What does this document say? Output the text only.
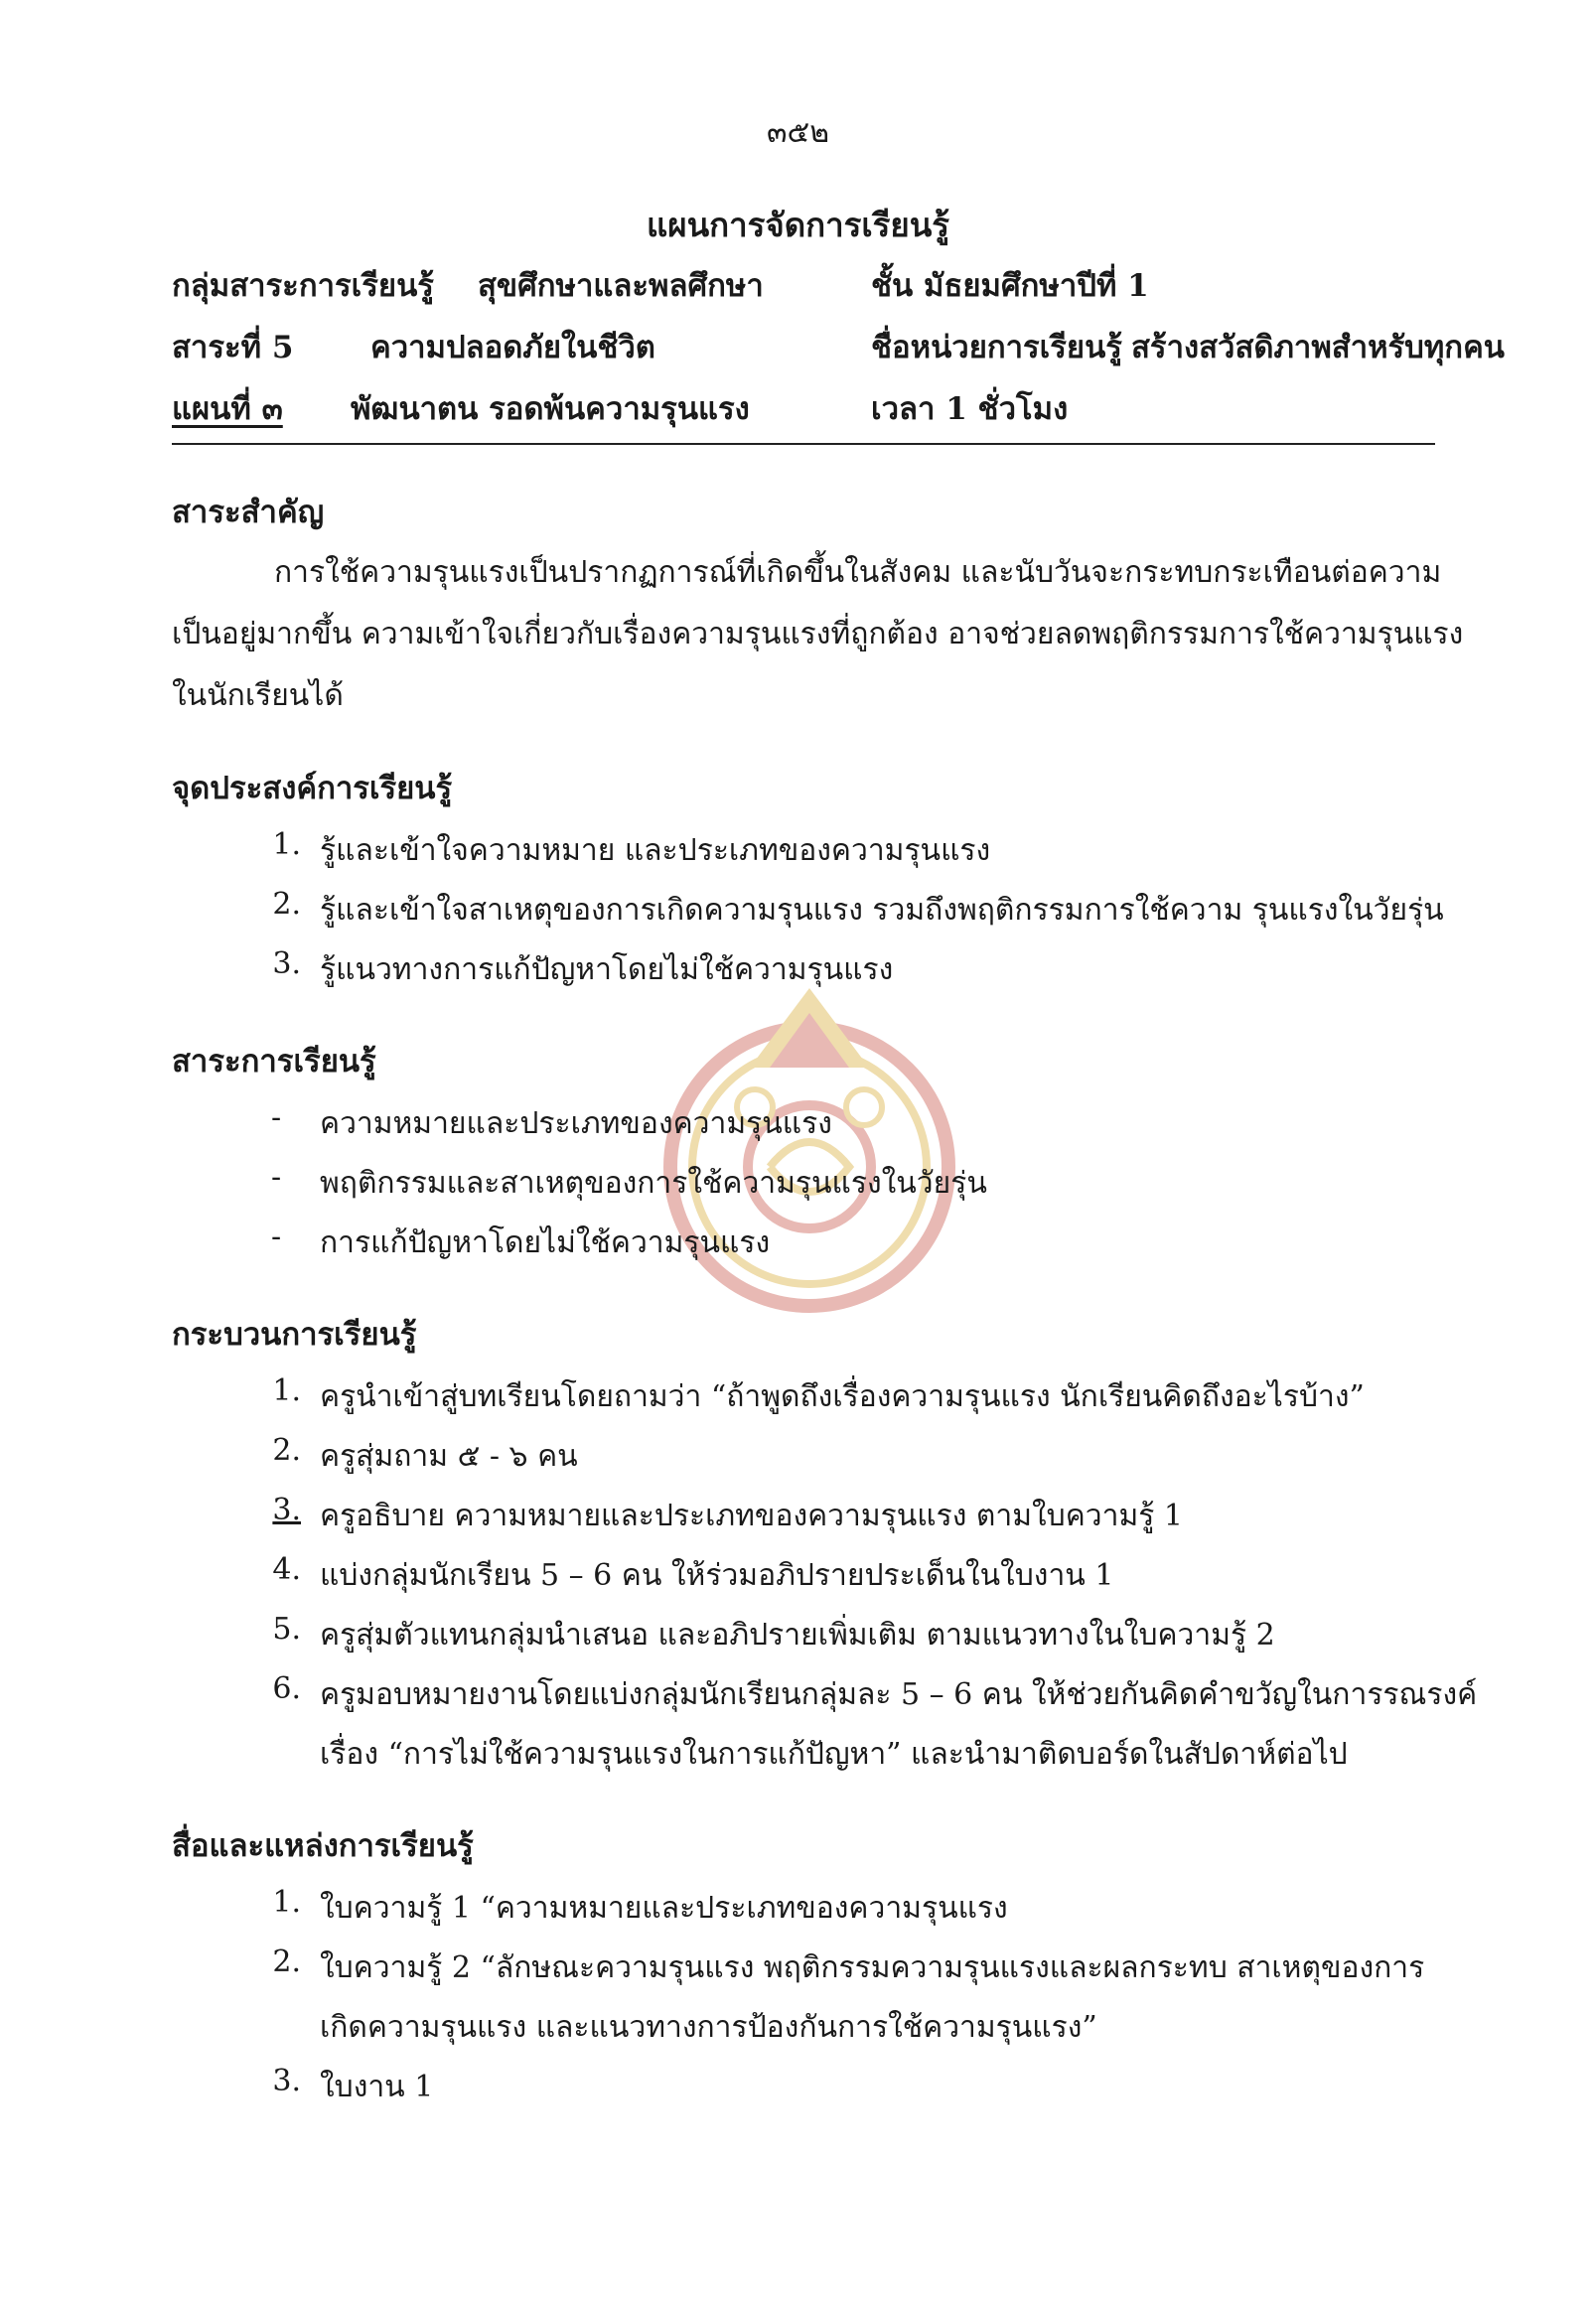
๓๕๒
แผนการจัดการเรียนรู้
กลุ่มสาระการเรียนรู้ สุขศึกษาและพลศึกษา	ชั้น มัธยมศึกษาปีที่ 1
สาระที่ 5	ความปลอดภัยในชีวิต	ชื่อหน่วยการเรียนรู้ สร้างสวัสดิภาพสำหรับทุกคน
แผนที่ ๓ พัฒนาตน รอดพ้นความรุนแรง	เวลา 1 ชั่วโมง
สาระสำคัญ
การใช้ความรุนแรงเป็นปรากฏการณ์ที่เกิดขึ้นในสังคม และนับวันจะกระทบกระเทือนต่อความ
เป็นอยู่มากขึ้น ความเข้าใจเกี่ยวกับเรื่องความรุนแรงที่ถูกต้อง อาจช่วยลดพฤติกรรมการใช้ความรุนแรง
ในนักเรียนได้
จุดประสงค์การเรียนรู้
1. รู้และเข้าใจความหมาย และประเภทของความรุนแรง
2. รู้และเข้าใจสาเหตุของการเกิดความรุนแรง รวมถึงพฤติกรรมการใช้ความ รุนแรงในวัยรุ่น
3. รู้แนวทางการแก้ปัญหาโดยไม่ใช้ความรุนแรง
สาระการเรียนรู้
- ความหมายและประเภทของความรุนแรง
- พฤติกรรมและสาเหตุของการใช้ความรุนแรงในวัยรุ่น
- การแก้ปัญหาโดยไม่ใช้ความรุนแรง
กระบวนการเรียนรู้
1. ครูนำเข้าสู่บทเรียนโดยถามว่า “ถ้าพูดถึงเรื่องความรุนแรง นักเรียนคิดถึงอะไรบ้าง”
2. ครูสุ่มถาม ๕ - ๖ คน
3. ครูอธิบาย ความหมายและประเภทของความรุนแรง ตามใบความรู้ 1
4. แบ่งกลุ่มนักเรียน 5 – 6 คน ให้ร่วมอภิปรายประเด็นในใบงาน 1
5. ครูสุ่มตัวแทนกลุ่มนำเสนอ และอภิปรายเพิ่มเติม ตามแนวทางในใบความรู้ 2
6. ครูมอบหมายงานโดยแบ่งกลุ่มนักเรียนกลุ่มละ 5 – 6 คน ให้ช่วยกันคิดคำขวัญในการรณรงค์
เรื่อง “การไม่ใช้ความรุนแรงในการแก้ปัญหา” และนำมาติดบอร์ดในสัปดาห์ต่อไป
สื่อและแหล่งการเรียนรู้
1. ใบความรู้ 1 “ความหมายและประเภทของความรุนแรง
2. ใบความรู้ 2 “ลักษณะความรุนแรง พฤติกรรมความรุนแรงและผลกระทบ สาเหตุของการ
เกิดความรุนแรง และแนวทางการป้องกันการใช้ความรุนแรง”
3. ใบงาน 1
